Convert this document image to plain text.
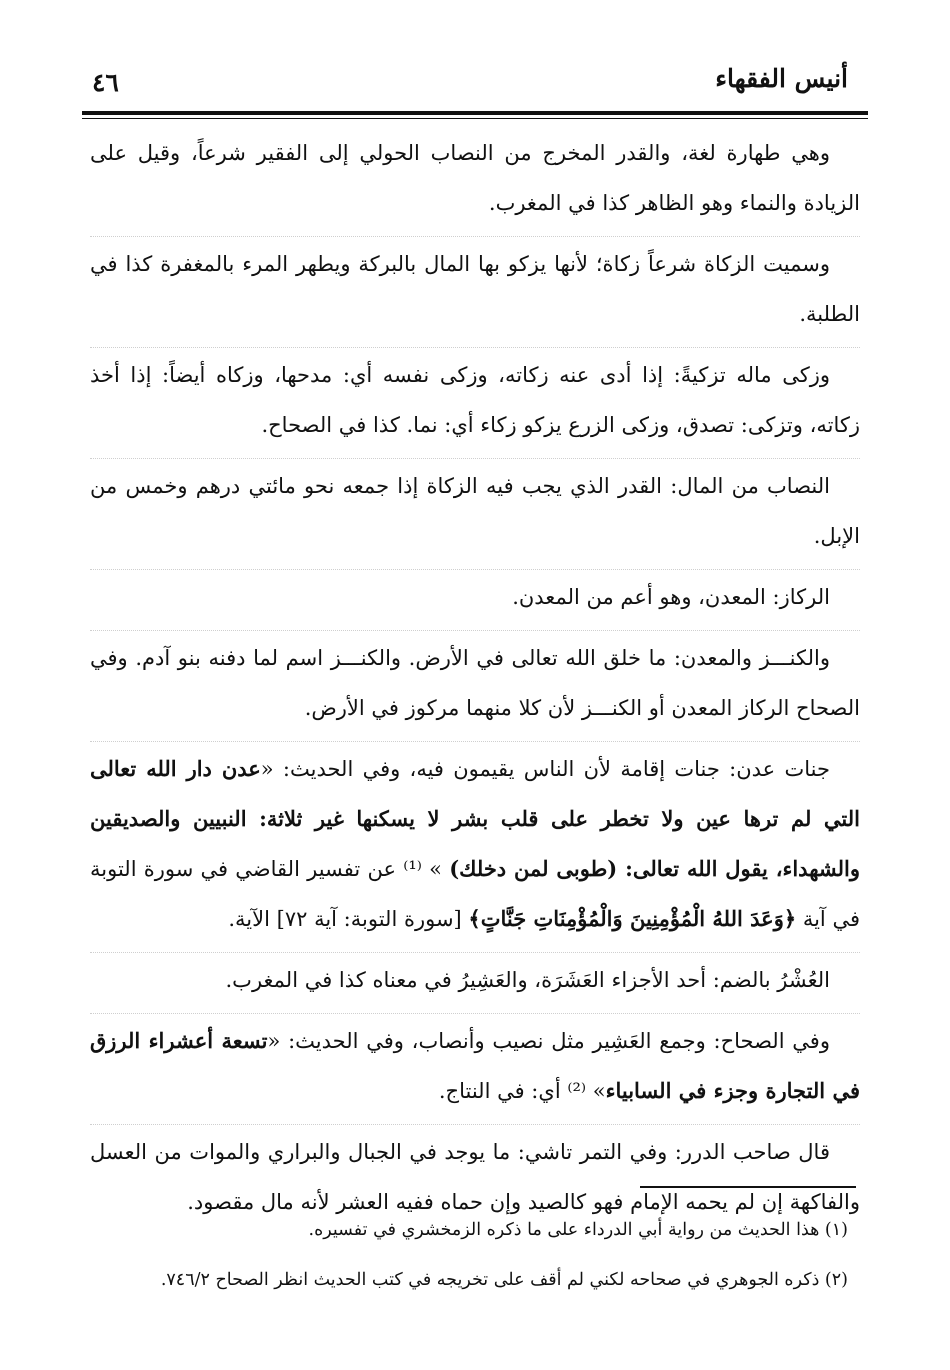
أنيس الفقهاء
٤٦

وهي طهارة لغة، والقدر المخرج من النصاب الحولي إلى الفقير شرعاً، وقيل على الزيادة والنماء وهو الظاهر كذا في المغرب.

وسميت الزكاة شرعاً زكاة؛ لأنها يزكو بها المال بالبركة ويطهر المرء بالمغفرة كذا في الطلبة.

وزكى ماله تزكيةً: إذا أدى عنه زكاته، وزكى نفسه أي: مدحها، وزكاه أيضاً: إذا أخذ زكاته، وتزكى: تصدق، وزكى الزرع يزكو زكاء أي: نما. كذا في الصحاح.

النصاب من المال: القدر الذي يجب فيه الزكاة إذا جمعه نحو مائتي درهم وخمس من الإبل.

الركاز: المعدن، وهو أعم من المعدن.

والكنـــز والمعدن: ما خلق الله تعالى في الأرض. والكنـــز اسم لما دفنه بنو آدم. وفي الصحاح الركاز المعدن أو الكنـــز لأن كلا منهما مركوز في الأرض.

جنات عدن: جنات إقامة لأن الناس يقيمون فيه، وفي الحديث: «عدن دار الله تعالى التي لم ترها عين ولا تخطر على قلب بشر لا يسكنها غير ثلاثة: النبيين والصديقين والشهداء، يقول الله تعالى: (طوبى لمن دخلك) » ⁽¹⁾ عن تفسير القاضي في سورة التوبة في آية ﴿وَعَدَ اللهُ الْمُؤْمِنِينَ وَالْمُؤْمِنَاتِ جَنَّاتٍ﴾ [سورة التوبة: آية ٧٢] الآية.

العُشْرُ بالضم: أحد الأجزاء العَشَرَة، والعَشِيرُ في معناه كذا في المغرب.

وفي الصحاح: وجمع العَشِير مثل نصيب وأنصاب، وفي الحديث: «تسعة أعشراء الرزق في التجارة وجزء في السابياء» ⁽²⁾ أي: في النتاج.

قال صاحب الدرر: وفي التمر تاشي: ما يوجد في الجبال والبراري والموات من العسل والفاكهة إن لم يحمه الإمام فهو كالصيد وإن حماه ففيه العشر لأنه مال مقصود.

(١) هذا الحديث من رواية أبي الدرداء على ما ذكره الزمخشري في تفسيره.

(٢) ذكره الجوهري في صحاحه لكني لم أقف على تخريجه في كتب الحديث انظر الصحاح ٧٤٦/٢.
